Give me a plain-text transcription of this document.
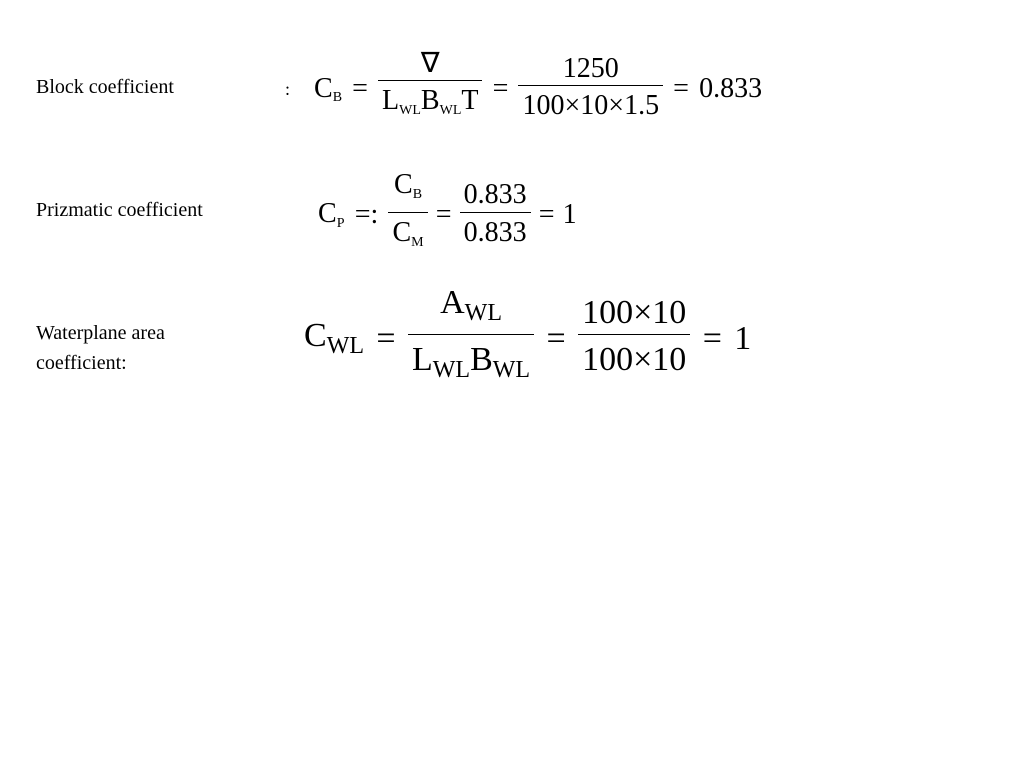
Block coefficient	: CB = $\frac{\nabla}{\text{LWLBWLT}} = \frac{1250}{100\times 10\times 1.5} = 0.833$
Prizmatic coefficient	CP =: $\frac{CB}{CM} = \frac{0.833}{0.833} = 1$
Waterplane area
coefficient:
CWL = $\frac{\text{AWL}}{\text{LWLBWL}} = \frac{100\times 10}{100\times 10} = 1$
